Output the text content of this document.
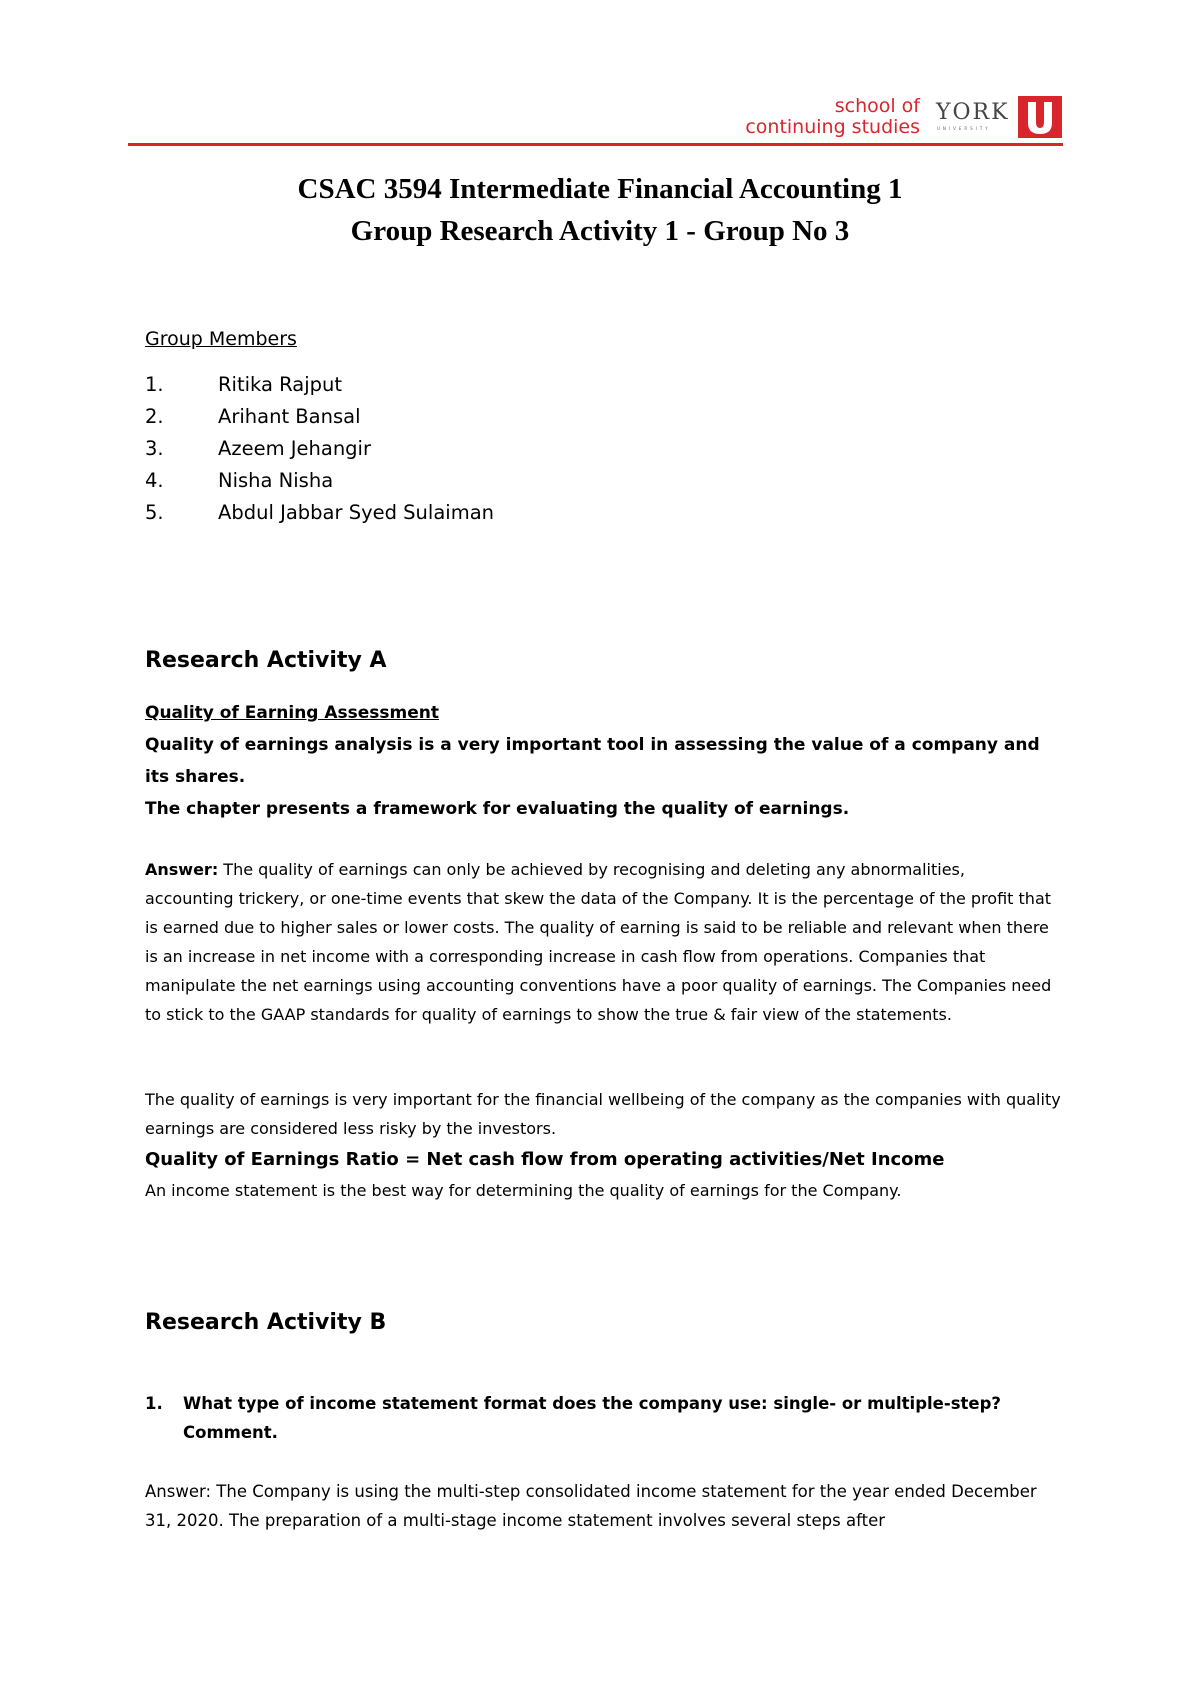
school of
continuing studies
YORK
UNIVERSITY
CSAC 3594 Intermediate Financial Accounting 1
Group Research Activity 1 - Group No 3
Group Members
1.	Ritika Rajput
2.	Arihant Bansal
3.	Azeem Jehangir
4.	Nisha Nisha
5.	Abdul Jabbar Syed Sulaiman
Research Activity A
Quality of Earning Assessment
Quality of earnings analysis is a very important tool in assessing the value of a company and its shares.
The chapter presents a framework for evaluating the quality of earnings.
Answer: The quality of earnings can only be achieved by recognising and deleting any abnormalities, accounting trickery, or one-time events that skew the data of the Company. It is the percentage of the profit that is earned due to higher sales or lower costs. The quality of earning is said to be reliable and relevant when there is an increase in net income with a corresponding increase in cash flow from operations. Companies that manipulate the net earnings using accounting conventions have a poor quality of earnings. The Companies need to stick to the GAAP standards for quality of earnings to show the true & fair view of the statements.
The quality of earnings is very important for the financial wellbeing of the company as the companies with quality earnings are considered less risky by the investors.
Quality of Earnings Ratio = Net cash flow from operating activities/Net Income
An income statement is the best way for determining the quality of earnings for the Company.
Research Activity B
1. What type of income statement format does the company use: single- or multiple-step?
Comment.
Answer: The Company is using the multi-step consolidated income statement for the year ended December 31, 2020. The preparation of a multi-stage income statement involves several steps after
